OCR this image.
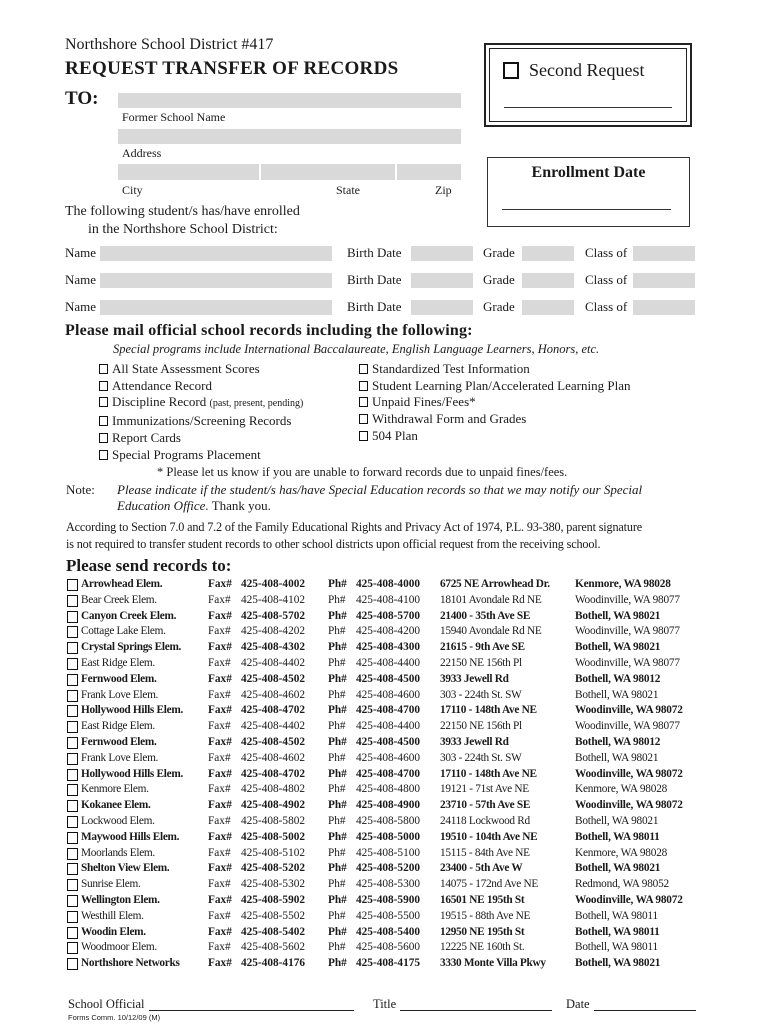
Northshore School District #417
REQUEST TRANSFER OF RECORDS
TO:
Second Request
Enrollment Date
Former School Name
Address
City	State	Zip
The following student/s has/have enrolled
in the Northshore School District:
Name	Birth Date	Grade	Class of
Name	Birth Date	Grade	Class of
Name	Birth Date	Grade	Class of
Please mail official school records including the following:
Special programs include International Baccalaureate, English Language Learners, Honors, etc.
All State Assessment Scores
Attendance Record
Discipline Record (past, present, pending)
Immunizations/Screening Records
Report Cards
Special Programs Placement
Standardized Test Information
Student Learning Plan/Accelerated Learning Plan
Unpaid Fines/Fees*
Withdrawal Form and Grades
504 Plan
* Please let us know if you are unable to forward records due to unpaid fines/fees.
Note: Please indicate if the student/s has/have Special Education records so that we may notify our Special
Education Office. Thank you.
According to Section 7.0 and 7.2 of the Family Educational Rights and Privacy Act of 1974, P.L. 93-380, parent signature
is not required to transfer student records to other school districts upon official request from the receiving school.
Please send records to:
Arrowhead Elem.	Fax# 425-408-4002 Ph# 425-408-4000 6725 NE Arrowhead Dr. Kenmore, WA 98028
Bear Creek Elem.	Fax# 425-408-4102 Ph# 425-408-4100 18101 Avondale Rd NE	Woodinville, WA 98077
Canyon Creek Elem.	Fax# 425-408-5702 Ph# 425-408-5700 21400 - 35th Ave SE	Bothell, WA 98021
Cottage Lake Elem.	Fax# 425-408-4202 Ph# 425-408-4200 15940 Avondale Rd NE	Woodinville, WA 98077
Crystal Springs Elem. Fax# 425-408-4302 Ph# 425-408-4300 21615 - 9th Ave SE	Bothell, WA 98021
East Ridge Elem.	Fax# 425-408-4402 Ph# 425-408-4400 22150 NE 156th Pl	Woodinville, WA 98077
Fernwood Elem.	Fax# 425-408-4502 Ph# 425-408-4500 3933 Jewell Rd	Bothell, WA 98012
Frank Love Elem.	Fax# 425-408-4602 Ph# 425-408-4600 303 - 224th St. SW	Bothell, WA 98021
Hollywood Hills Elem. Fax# 425-408-4702 Ph# 425-408-4700 17110 - 148th Ave NE	Woodinville, WA 98072
East Ridge Elem.	Fax# 425-408-4402 Ph# 425-408-4400 22150 NE 156th Pl	Woodinville, WA 98077
Fernwood Elem.	Fax# 425-408-4502 Ph# 425-408-4500 3933 Jewell Rd	Bothell, WA 98012
Frank Love Elem.	Fax# 425-408-4602 Ph# 425-408-4600 303 - 224th St. SW	Bothell, WA 98021
Hollywood Hills Elem. Fax# 425-408-4702 Ph# 425-408-4700 17110 - 148th Ave NE	Woodinville, WA 98072
Kenmore Elem.	Fax# 425-408-4802 Ph# 425-408-4800 19121 - 71st Ave NE	Kenmore, WA 98028
Kokanee Elem.	Fax# 425-408-4902 Ph# 425-408-4900 23710 - 57th Ave SE	Woodinville, WA 98072
Lockwood Elem.	Fax# 425-408-5802 Ph# 425-408-5800 24118 Lockwood Rd	Bothell, WA 98021
Maywood Hills Elem.	Fax# 425-408-5002 Ph# 425-408-5000 19510 - 104th Ave NE	Bothell, WA 98011
Moorlands Elem.	Fax# 425-408-5102 Ph# 425-408-5100 15115 - 84th Ave NE	Kenmore, WA 98028
Shelton View Elem.	Fax# 425-408-5202 Ph# 425-408-5200 23400 - 5th Ave W	Bothell, WA 98021
Sunrise Elem.	Fax# 425-408-5302 Ph# 425-408-5300 14075 - 172nd Ave NE	Redmond, WA 98052
Wellington Elem.	Fax# 425-408-5902 Ph# 425-408-5900 16501 NE 195th St	Woodinville, WA 98072
Westhill Elem.	Fax# 425-408-5502 Ph# 425-408-5500 19515 - 88th Ave NE	Bothell, WA 98011
Woodin Elem.	Fax# 425-408-5402 Ph# 425-408-5400 12950 NE 195th St	Bothell, WA 98011
Woodmoor Elem.	Fax# 425-408-5602 Ph# 425-408-5600 12225 NE 160th St.	Bothell, WA 98011
Northshore Networks	Fax# 425-408-4176 Ph# 425-408-4175 3330 Monte Villa Pkwy	Bothell, WA 98021
School Official	Title	Date
Forms Comm. 10/12/09 (M)
